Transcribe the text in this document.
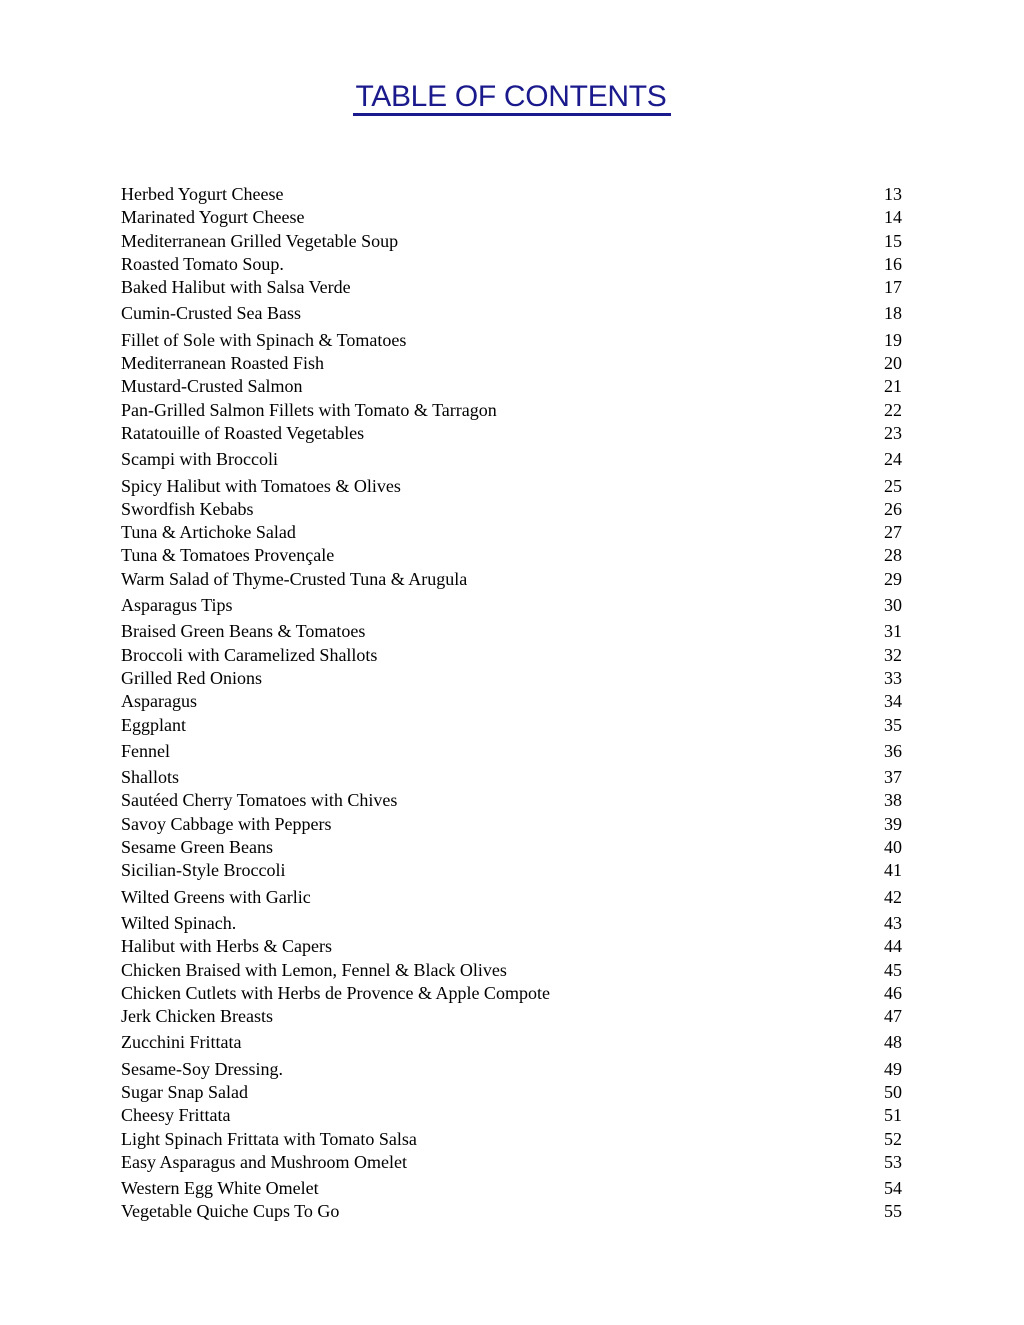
TABLE OF CONTENTS
Herbed Yogurt Cheese	13
Marinated Yogurt Cheese	14
Mediterranean Grilled Vegetable Soup	15
Roasted Tomato Soup.	16
Baked Halibut with Salsa Verde	17
Cumin-Crusted Sea Bass	18
Fillet of Sole with Spinach & Tomatoes	19
Mediterranean Roasted Fish	20
Mustard-Crusted Salmon	21
Pan-Grilled Salmon Fillets with Tomato & Tarragon	22
Ratatouille of Roasted Vegetables	23
Scampi with Broccoli	24
Spicy Halibut with Tomatoes & Olives	25
Swordfish Kebabs	26
Tuna & Artichoke Salad	27
Tuna & Tomatoes Provençale	28
Warm Salad of Thyme-Crusted Tuna & Arugula	29
Asparagus Tips	30
Braised Green Beans & Tomatoes	31
Broccoli with Caramelized Shallots	32
Grilled Red Onions	33
Asparagus	34
Eggplant	35
Fennel	36
Shallots	37
Sautéed Cherry Tomatoes with Chives	38
Savoy Cabbage with Peppers	39
Sesame Green Beans	40
Sicilian-Style Broccoli	41
Wilted Greens with Garlic	42
Wilted Spinach.	43
Halibut with Herbs & Capers	44
Chicken Braised with Lemon, Fennel & Black Olives	45
Chicken Cutlets with Herbs de Provence & Apple Compote	46
Jerk Chicken Breasts	47
Zucchini Frittata	48
Sesame-Soy Dressing.	49
Sugar Snap Salad	50
Cheesy Frittata	51
Light Spinach Frittata with Tomato Salsa	52
Easy Asparagus and Mushroom Omelet	53
Western Egg White Omelet	54
Vegetable Quiche Cups To Go	55
